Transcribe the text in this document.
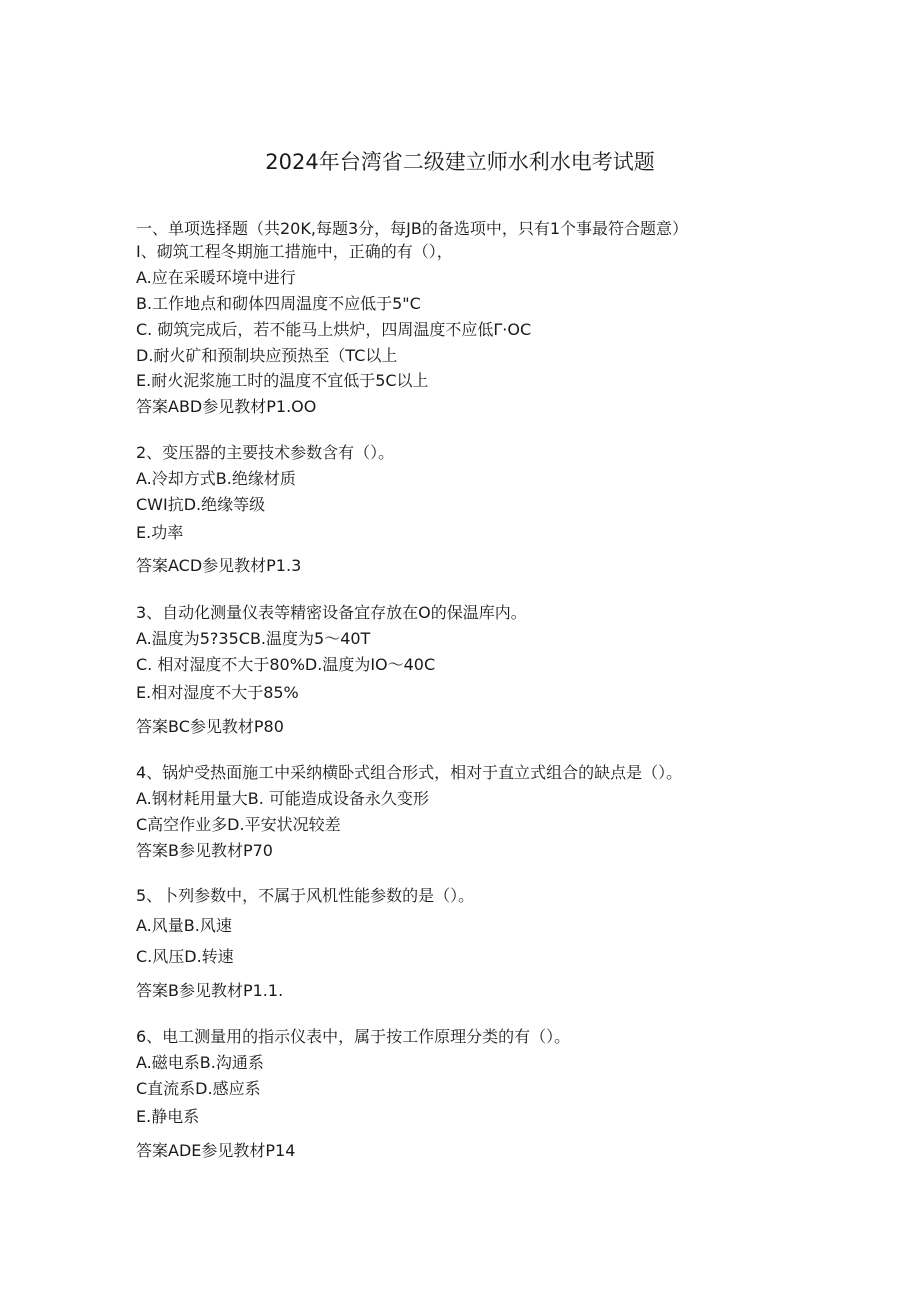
2024年台湾省二级建立师水利水电考试题
一、单项选择题（共20K,每题3分，每JB的备选项中，只有1个事最符合题意）
I、砌筑工程冬期施工措施中，正确的有（），
A.应在采暖环境中进行
B.工作地点和砌体四周温度不应低于5"C
C. 砌筑完成后，若不能马上烘炉，四周温度不应低Γ·OC
D.耐火矿和预制块应预热至（TC以上
E.耐火泥浆施工时的温度不宜低于5C以上
答案ABD参见教材P1.OO
2、变压器的主要技术参数含有（）。
A.冷却方式B.绝缘材质
CWI抗D.绝缘等级
E.功率
答案ACD参见教材P1.3
3、自动化测量仪表等精密设备宜存放在O的保温库内。
A.温度为5?35CB.温度为5～40T
C. 相对湿度不大于80%D.温度为IO～40C
E.相对湿度不大于85%
答案BC参见教材P80
4、锅炉受热面施工中采纳横卧式组合形式，相对于直立式组合的缺点是（）。
A.钢材耗用量大B. 可能造成设备永久变形
C高空作业多D.平安状况较差
答案B参见教材P70
5、卜列参数中，不属于风机性能参数的是（）。
A.风量B.风速
C.风压D.转速
答案B参见教材P1.1.
6、电工测量用的指示仪表中，属于按工作原理分类的有（）。
A.磁电系B.沟通系
C直流系D.感应系
E.静电系
答案ADE参见教材P14
